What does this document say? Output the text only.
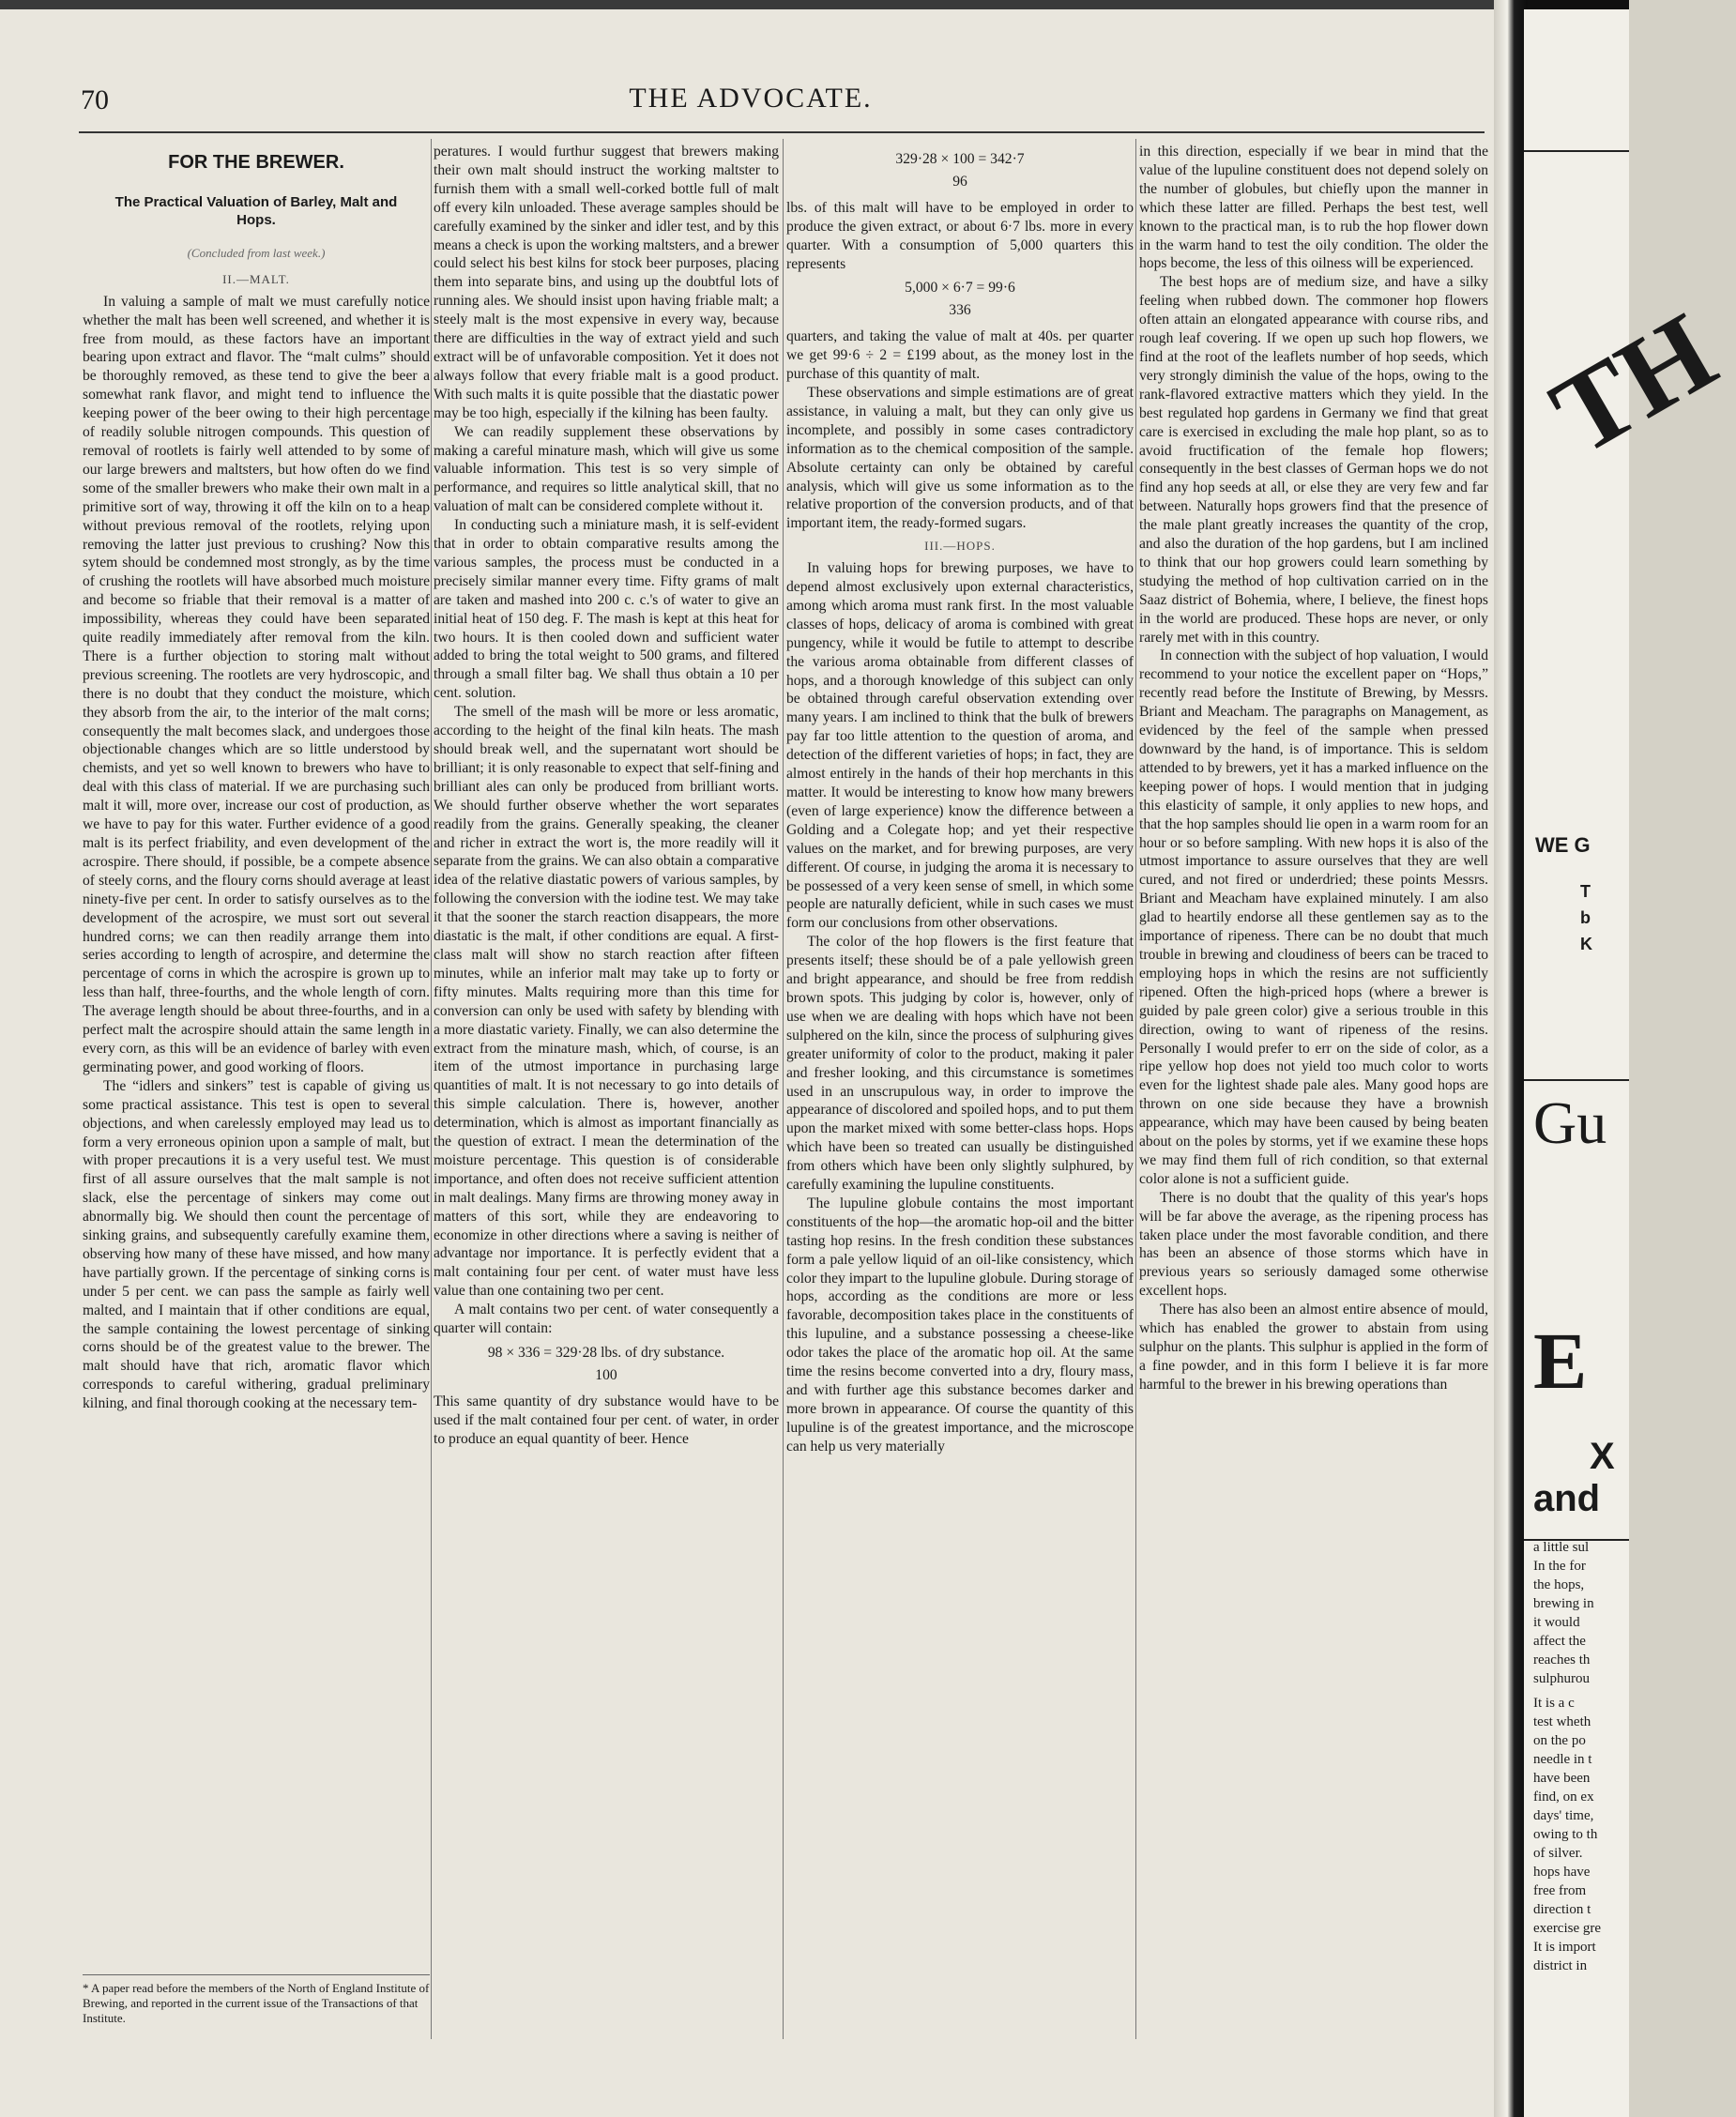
70	THE ADVOCATE.
FOR THE BREWER.
The Practical Valuation of Barley, Malt and Hops.
(Concluded from last week.)
II.—MALT.

In valuing a sample of malt we must carefully notice whether the malt has been well screened, and whether it is free from mould, as these factors have an important bearing upon extract and flavor. The “malt culms” should be thoroughly removed, as these tend to give the beer a somewhat rank flavor, and might tend to influence the keeping power of the beer owing to their high percentage of readily soluble nitrogen compounds. This question of removal of rootlets is fairly well attended to by some of our large brewers and maltsters, but how often do we find some of the smaller brewers who make their own malt in a primitive sort of way, throwing it off the kiln on to a heap without previous removal of the rootlets, relying upon removing the latter just previous to crushing? Now this sytem should be condemned most strongly, as by the time of crushing the rootlets will have absorbed much moisture and become so friable that their removal is a matter of impossibility, whereas they could have been separated quite readily immediately after removal from the kiln. There is a further objection to storing malt without previous screening. The rootlets are very hydroscopic, and there is no doubt that they conduct the moisture, which they absorb from the air, to the interior of the malt corns; consequently the malt becomes slack, and undergoes those objectionable changes which are so little understood by chemists, and yet so well known to brewers who have to deal with this class of material. If we are purchasing such malt it will, more over, increase our cost of production, as we have to pay for this water. Further evidence of a good malt is its perfect friability, and even development of the acrospire. There should, if possible, be a compete absence of steely corns, and the floury corns should average at least ninety-five per cent. In order to satisfy ourselves as to the development of the acrospire, we must sort out several hundred corns; we can then readily arrange them into series according to length of acrospire, and determine the percentage of corns in which the acrospire is grown up to less than half, three-fourths, and the whole length of corn. The average length should be about three-fourths, and in a perfect malt the acrospire should attain the same length in every corn, as this will be an evidence of barley with even germinating power, and good working of floors.

The “idlers and sinkers” test is capable of giving us some practical assistance. This test is open to several objections, and when carelessly employed may lead us to form a very erroneous opinion upon a sample of malt, but with proper precautions it is a very useful test. We must first of all assure ourselves that the malt sample is not slack, else the percentage of sinkers may come out abnormally big. We should then count the percentage of sinking grains, and subsequently carefully examine them, observing how many of these have missed, and how many have partially grown. If the percentage of sinking corns is under 5 per cent. we can pass the sample as fairly well malted, and I maintain that if other conditions are equal, the sample containing the lowest percentage of sinking corns should be of the greatest value to the brewer. The malt should have that rich, aromatic flavor which corresponds to careful withering, gradual preliminary kilning, and final thorough cooking at the necessary tem-

* A paper read before the members of the North of England Institute of Brewing, and reported in the current issue of the Transactions of that Institute.

peratures. I would furthur suggest that brewers making their own malt should instruct the working maltster to furnish them with a small well-corked bottle full of malt off every kiln unloaded. These average samples should be carefully examined by the sinker and idler test, and by this means a check is upon the working maltsters, and a brewer could select his best kilns for stock beer purposes, placing them into separate bins, and using up the doubtful lots of running ales. We should insist upon having friable malt; a steely malt is the most expensive in every way, because there are difficulties in the way of extract yield and such extract will be of unfavorable composition. Yet it does not always follow that every friable malt is a good product. With such malts it is quite possible that the diastatic power may be too high, especially if the kilning has been faulty.

We can readily supplement these observations by making a careful minature mash, which will give us some valuable information. This test is so very simple of performance, and requires so little analytical skill, that no valuation of malt can be considered complete without it.

In conducting such a miniature mash, it is self-evident that in order to obtain comparative results among the various samples, the process must be conducted in a precisely similar manner every time. Fifty grams of malt are taken and mashed into 200 c. c.'s of water to give an initial heat of 150 deg. F. The mash is kept at this heat for two hours. It is then cooled down and sufficient water added to bring the total weight to 500 grams, and filtered through a small filter bag. We shall thus obtain a 10 per cent. solution.

The smell of the mash will be more or less aromatic, according to the height of the final kiln heats. The mash should break well, and the supernatant wort should be brilliant; it is only reasonable to expect that self-fining and brilliant ales can only be produced from brilliant worts. We should further observe whether the wort separates readily from the grains. Generally speaking, the cleaner and richer in extract the wort is, the more readily will it separate from the grains. We can also obtain a comparative idea of the relative diastatic powers of various samples, by following the conversion with the iodine test. We may take it that the sooner the starch reaction disappears, the more diastatic is the malt, if other conditions are equal. A first-class malt will show no starch reaction after fifteen minutes, while an inferior malt may take up to forty or fifty minutes. Malts requiring more than this time for conversion can only be used with safety by blending with a more diastatic variety. Finally, we can also determine the extract from the minature mash, which, of course, is an item of the utmost importance in purchasing large quantities of malt. It is not necessary to go into details of this simple calculation. There is, however, another determination, which is almost as important financially as the question of extract. I mean the determination of the moisture percentage. This question is of considerable importance, and often does not receive sufficient attention in malt dealings. Many firms are throwing money away in matters of this sort, while they are endeavoring to economize in other directions where a saving is neither of advantage nor importance. It is perfectly evident that a malt containing four per cent. of water must have less value than one containing two per cent.

A malt contains two per cent. of water consequently a quarter will contain:

98 × 336 = 329·28 lbs. of dry substance.
100

This same quantity of dry substance would have to be used if the malt contained four per cent. of water, in order to produce an equal quantity of beer. Hence

329·28 × 100 = 342·7
96

lbs. of this malt will have to be employed in order to produce the given extract, or about 6·7 lbs. more in every quarter. With a consumption of 5,000 quarters this represents

5,000 × 6·7 = 99·6
336

quarters, and taking the value of malt at 40s. per quarter we get 99·6 ÷ 2 = £199 about, as the money lost in the purchase of this quantity of malt.

These observations and simple estimations are of great assistance, in valuing a malt, but they can only give us incomplete, and possibly in some cases contradictory information as to the chemical composition of the sample. Absolute certainty can only be obtained by careful analysis, which will give us some information as to the relative proportion of the conversion products, and of that important item, the ready-formed sugars.

III.—HOPS.

In valuing hops for brewing purposes, we have to depend almost exclusively upon external characteristics, among which aroma must rank first. In the most valuable classes of hops, delicacy of aroma is combined with great pungency, while it would be futile to attempt to describe the various aroma obtainable from different classes of hops, and a thorough knowledge of this subject can only be obtained through careful observation extending over many years. I am inclined to think that the bulk of brewers pay far too little attention to the question of aroma, and detection of the different varieties of hops; in fact, they are almost entirely in the hands of their hop merchants in this matter. It would be interesting to know how many brewers (even of large experience) know the difference between a Golding and a Colegate hop; and yet their respective values on the market, and for brewing purposes, are very different. Of course, in judging the aroma it is necessary to be possessed of a very keen sense of smell, in which some people are naturally deficient, while in such cases we must form our conclusions from other observations.

The color of the hop flowers is the first feature that presents itself; these should be of a pale yellowish green and bright appearance, and should be free from reddish brown spots. This judging by color is, however, only of use when we are dealing with hops which have not been sulphered on the kiln, since the process of sulphuring gives greater uniformity of color to the product, making it paler and fresher looking, and this circumstance is sometimes used in an unscrupulous way, in order to improve the appearance of discolored and spoiled hops, and to put them upon the market mixed with some better-class hops. Hops which have been so treated can usually be distinguished from others which have been only slightly sulphured, by carefully examining the lupuline constituents.

The lupuline globule contains the most important constituents of the hop—the aromatic hop-oil and the bitter tasting hop resins. In the fresh condition these substances form a pale yellow liquid of an oil-like consistency, which color they impart to the lupuline globule. During storage of hops, according as the conditions are more or less favorable, decomposition takes place in the constituents of this lupuline, and a substance possessing a cheese-like odor takes the place of the aromatic hop oil. At the same time the resins become converted into a dry, floury mass, and with further age this substance becomes darker and more brown in appearance. Of course the quantity of this lupuline is of the greatest importance, and the microscope can help us very materially

in this direction, especially if we bear in mind that the value of the lupuline constituent does not depend solely on the number of globules, but chiefly upon the manner in which these latter are filled. Perhaps the best test, well known to the practical man, is to rub the hop flower down in the warm hand to test the oily condition. The older the hops become, the less of this oilness will be experienced.

The best hops are of medium size, and have a silky feeling when rubbed down. The commoner hop flowers often attain an elongated appearance with course ribs, and rough leaf covering. If we open up such hop flowers, we find at the root of the leaflets number of hop seeds, which very strongly diminish the value of the hops, owing to the rank-flavored extractive matters which they yield. In the best regulated hop gardens in Germany we find that great care is exercised in excluding the male hop plant, so as to avoid fructification of the female hop flowers; consequently in the best classes of German hops we do not find any hop seeds at all, or else they are very few and far between. Naturally hops growers find that the presence of the male plant greatly increases the quantity of the crop, and also the duration of the hop gardens, but I am inclined to think that our hop growers could learn something by studying the method of hop cultivation carried on in the Saaz district of Bohemia, where, I believe, the finest hops in the world are produced. These hops are never, or only rarely met with in this country.

In connection with the subject of hop valuation, I would recommend to your notice the excellent paper on “Hops,” recently read before the Institute of Brewing, by Messrs. Briant and Meacham. The paragraphs on Management, as evidenced by the feel of the sample when pressed downward by the hand, is of importance. This is seldom attended to by brewers, yet it has a marked influence on the keeping power of hops. I would mention that in judging this elasticity of sample, it only applies to new hops, and that the hop samples should lie open in a warm room for an hour or so before sampling. With new hops it is also of the utmost importance to assure ourselves that they are well cured, and not fired or underdried; these points Messrs. Briant and Meacham have explained minutely. I am also glad to heartily endorse all these gentlemen say as to the importance of ripeness. There can be no doubt that much trouble in brewing and cloudiness of beers can be traced to employing hops in which the resins are not sufficiently ripened. Often the high-priced hops (where a brewer is guided by pale green color) give a serious trouble in this direction, owing to want of ripeness of the resins. Personally I would prefer to err on the side of color, as a ripe yellow hop does not yield too much color to worts even for the lightest shade pale ales. Many good hops are thrown on one side because they have a brownish appearance, which may have been caused by being beaten about on the poles by storms, yet if we examine these hops we may find them full of rich condition, so that external color alone is not a sufficient guide.

There is no doubt that the quality of this year's hops will be far above the average, as the ripening process has taken place under the most favorable condition, and there has been an absence of those storms which have in previous years so seriously damaged some otherwise excellent hops.

There has also been an almost entire absence of mould, which has enabled the grower to abstain from using sulphur on the plants. This sulphur is applied in the form of a fine powder, and in this form I believe it is far more harmful to the brewer in his brewing operations than

TH
WE G
T
b
K
Gu
E
X
and
a little sul
In the for
the hops,
brewing in
it would
affect the
reaches th
sulphurou
It is a c
test wheth
on the po
needle in t
have been
find, on ex
days' time,
owing to th
of silver.
hops have
free from
direction t
exercise gre
It is import
district in
